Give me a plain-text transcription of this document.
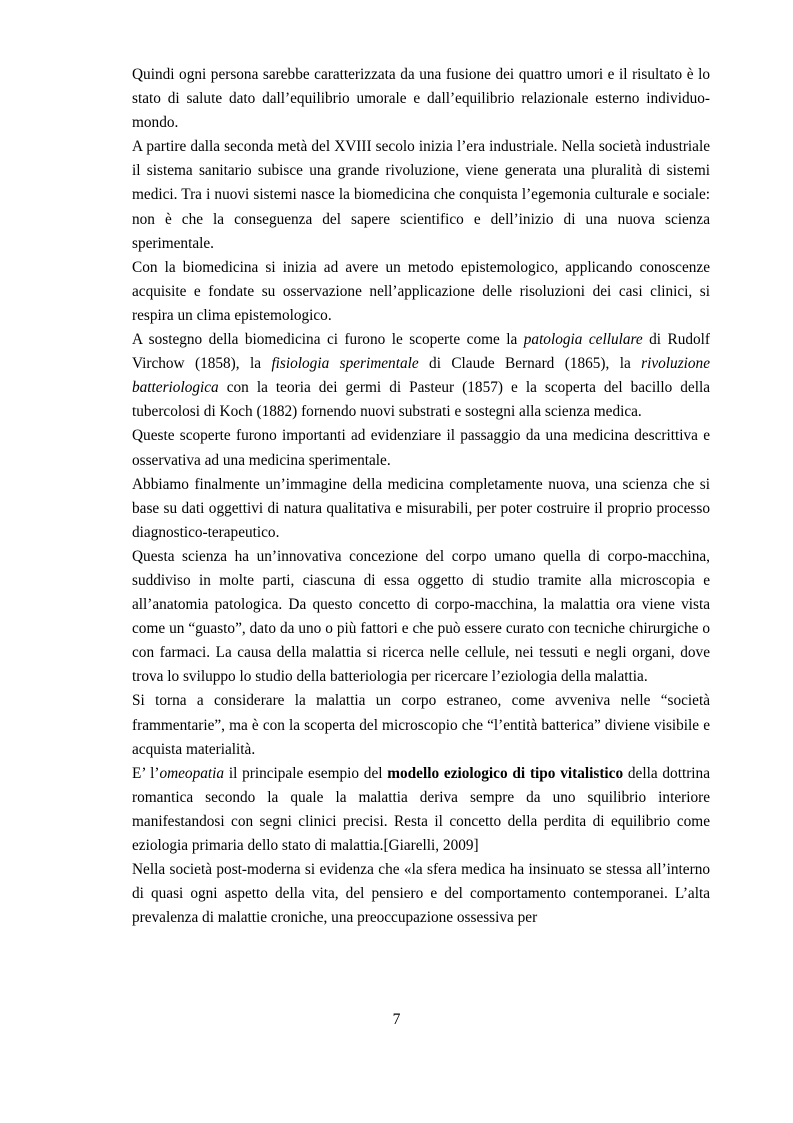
Quindi ogni persona sarebbe caratterizzata da una fusione dei quattro umori e il risultato è lo stato di salute dato dall’equilibrio umorale e dall’equilibrio relazionale esterno individuo-mondo.

A partire dalla seconda metà del XVIII secolo inizia l’era industriale. Nella società industriale il sistema sanitario subisce una grande rivoluzione, viene generata una pluralità di sistemi medici. Tra i nuovi sistemi nasce la biomedicina che conquista l’egemonia culturale e sociale: non è che la conseguenza del sapere scientifico e dell’inizio di una nuova scienza sperimentale.

Con la biomedicina si inizia ad avere un metodo epistemologico, applicando conoscenze acquisite e fondate su osservazione nell’applicazione delle risoluzioni dei casi clinici, si respira un clima epistemologico.

A sostegno della biomedicina ci furono le scoperte come la patologia cellulare di Rudolf Virchow (1858), la fisiologia sperimentale di Claude Bernard (1865), la rivoluzione batteriologica con la teoria dei germi di Pasteur (1857) e la scoperta del bacillo della tubercolosi di Koch (1882) fornendo nuovi substrati e sostegni alla scienza medica.

Queste scoperte furono importanti ad evidenziare il passaggio da una medicina descrittiva e osservativa ad una medicina sperimentale.

Abbiamo finalmente un’immagine della medicina completamente nuova, una scienza che si base su dati oggettivi di natura qualitativa e misurabili, per poter costruire il proprio processo diagnostico-terapeutico.

Questa scienza ha un’innovativa concezione del corpo umano quella di corpo-macchina, suddiviso in molte parti, ciascuna di essa oggetto di studio tramite alla microscopia e all’anatomia patologica. Da questo concetto di corpo-macchina, la malattia ora viene vista come un “guasto”, dato da uno o più fattori e che può essere curato con tecniche chirurgiche o con farmaci. La causa della malattia si ricerca nelle cellule, nei tessuti e negli organi, dove trova lo sviluppo lo studio della batteriologia per ricercare l’eziologia della malattia.

Si torna a considerare la malattia un corpo estraneo, come avveniva nelle “società frammentarie”, ma è con la scoperta del microscopio che “l’entità batterica” diviene visibile e acquista materialità.

E’ l’omeopatia il principale esempio del modello eziologico di tipo vitalistico della dottrina romantica secondo la quale la malattia deriva sempre da uno squilibrio interiore manifestandosi con segni clinici precisi. Resta il concetto della perdita di equilibrio come eziologia primaria dello stato di malattia.[Giarelli, 2009]

Nella società post-moderna si evidenza che «la sfera medica ha insinuato se stessa all’interno di quasi ogni aspetto della vita, del pensiero e del comportamento contemporanei. L’alta prevalenza di malattie croniche, una preoccupazione ossessiva per

7
